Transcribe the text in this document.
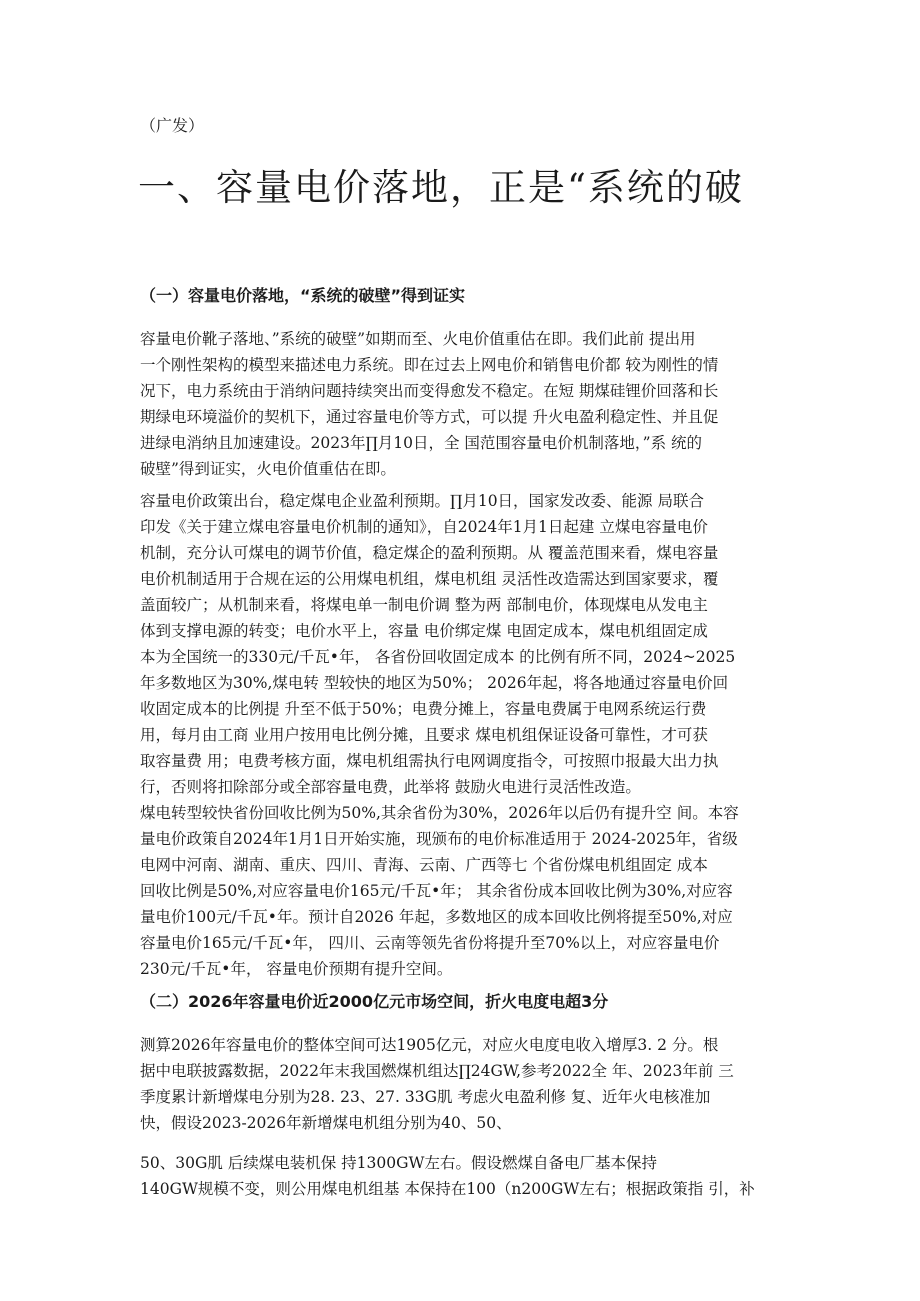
（广发）
一、容量电价落地，正是“系统的破
（一）容量电价落地，“系统的破壁”得到证实

容量电价靴子落地、”系统的破壁”如期而至、火电价值重估在即。我们此前 提出用
一个刚性架构的模型来描述电力系统。即在过去上网电价和销售电价都 较为刚性的情
况下，电力系统由于消纳问题持续突出而变得愈发不稳定。在短 期煤硅锂价回落和长
期绿电环境溢价的契机下，通过容量电价等方式，可以提 升火电盈利稳定性、并且促
进绿电消纳且加速建设。2023年∏月10日，全 国范围容量电价机制落地，”系 统的
破壁”得到证实，火电价值重估在即。

容量电价政策出台，稳定煤电企业盈利预期。∏月10日，国家发改委、能源 局联合
印发《关于建立煤电容量电价机制的通知》，自2024年1月1日起建 立煤电容量电价
机制，充分认可煤电的调节价值，稳定煤企的盈利预期。从 覆盖范围来看，煤电容量
电价机制适用于合规在运的公用煤电机组，煤电机组 灵活性改造需达到国家要求，覆
盖面较广；从机制来看，将煤电单一制电价调 整为两 部制电价，体现煤电从发电主
体到支撑电源的转变；电价水平上，容量 电价绑定煤 电固定成本，煤电机组固定成
本为全国统一的330元/千瓦•年， 各省份回收固定成本 的比例有所不同，2024~2025
年多数地区为30%,煤电转 型较快的地区为50%； 2026年起，将各地通过容量电价回
收固定成本的比例提 升至不低于50%；电费分摊上，容量电费属于电网系统运行费
用，每月由工商 业用户按用电比例分摊，且要求 煤电机组保证设备可靠性，才可获
取容量费 用；电费考核方面，煤电机组需执行电网调度指令，可按照巾报最大出力执
行，否则将扣除部分或全部容量电费，此举将 鼓励火电进行灵活性改造。

煤电转型较快省份回收比例为50%,其余省份为30%，2026年以后仍有提升空 间。本容
量电价政策自2024年1月1日开始实施，现颁布的电价标准适用于 2024-2025年，省级
电网中河南、湖南、重庆、四川、青海、云南、广西等七 个省份煤电机组固定 成本
回收比例是50%,对应容量电价165元/千瓦•年； 其余省份成本回收比例为30%,对应容
量电价100元/千瓦•年。预计自2026 年起，多数地区的成本回收比例将提至50%,对应
容量电价165元/千瓦•年， 四川、云南等领先省份将提升至70%以上，对应容量电价
230元/千瓦•年， 容量电价预期有提升空间。

（二）2026年容量电价近2000亿元市场空间，折火电度电超3分

测算2026年容量电价的整体空间可达1905亿元，对应火电度电收入增厚3. 2 分。根
据中电联披露数据，2022年末我国燃煤机组达∏24GW,参考2022全 年、2023年前 三
季度累计新增煤电分别为28. 23、27. 33G肌 考虑火电盈利修 复、近年火电核准加
快，假设2023-2026年新增煤电机组分别为40、50、

50、30G肌 后续煤电装机保 持1300GW左右。假设燃煤自备电厂基本保持
140GW规模不变，则公用煤电机组基 本保持在100（n200GW左右；根据政策指 引，补
